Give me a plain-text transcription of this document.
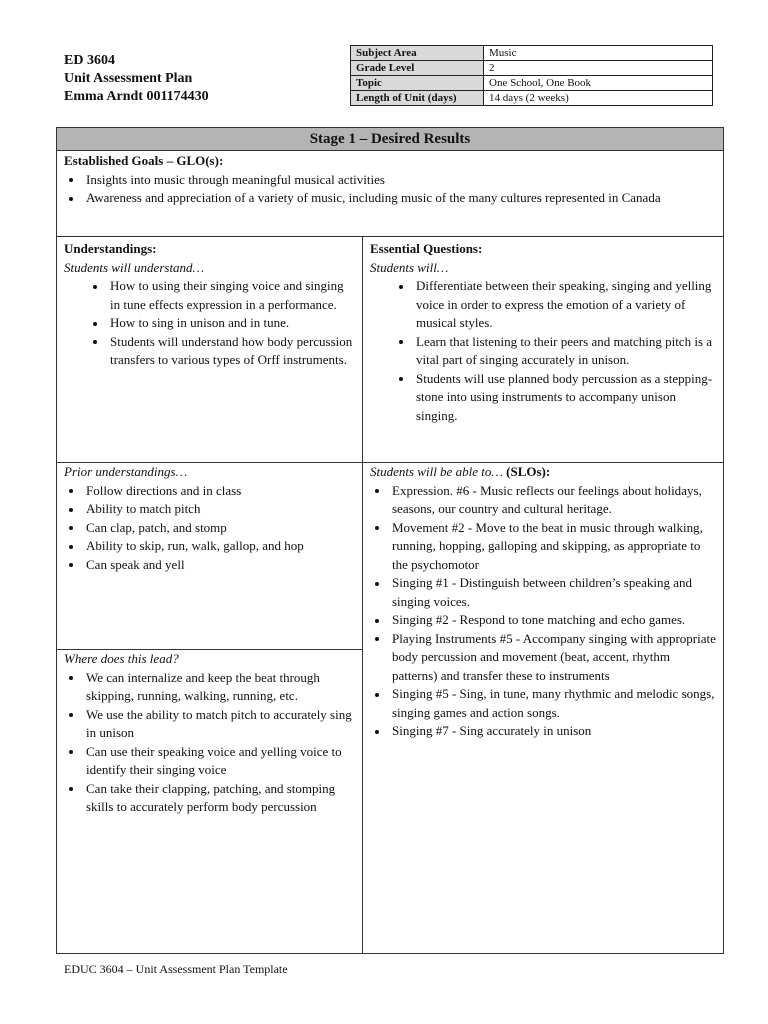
ED 3604
Unit Assessment Plan
Emma Arndt 001174430
Subject Area	Music
Grade Level	2
Topic	One School, One Book
Length of Unit (days)	14 days (2 weeks)
Stage 1 – Desired Results
Established Goals – GLO(s):
Insights into music through meaningful musical activities
Awareness and appreciation of a variety of music, including music of the many cultures represented in Canada
Understandings:
Students will understand…
How to using their singing voice and singing in tune effects expression in a performance.
How to sing in unison and in tune.
Students will understand how body percussion transfers to various types of Orff instruments.
Essential Questions:
Students will…
Differentiate between their speaking, singing and yelling voice in order to express the emotion of a variety of musical styles.
Learn that listening to their peers and matching pitch is a vital part of singing accurately in unison.
Students will use planned body percussion as a stepping-stone into using instruments to accompany unison singing.
Prior understandings…
Follow directions and in class
Ability to match pitch
Can clap, patch, and stomp
Ability to skip, run, walk, gallop, and hop
Can speak and yell
Students will be able to… (SLOs):
Expression. #6 - Music reflects our feelings about holidays, seasons, our country and cultural heritage.
Movement #2 - Move to the beat in music through walking, running, hopping, galloping and skipping, as appropriate to the psychomotor
Singing #1 - Distinguish between children’s speaking and singing voices.
Singing #2 - Respond to tone matching and echo games.
Playing Instruments #5 - Accompany singing with appropriate body percussion and movement (beat, accent, rhythm patterns) and transfer these to instruments
Singing #5 - Sing, in tune, many rhythmic and melodic songs, singing games and action songs.
Singing #7 - Sing accurately in unison
Where does this lead?
We can internalize and keep the beat through skipping, running, walking, running, etc.
We use the ability to match pitch to accurately sing in unison
Can use their speaking voice and yelling voice to identify their singing voice
Can take their clapping, patching, and stomping skills to accurately perform body percussion
EDUC 3604 – Unit Assessment Plan Template
